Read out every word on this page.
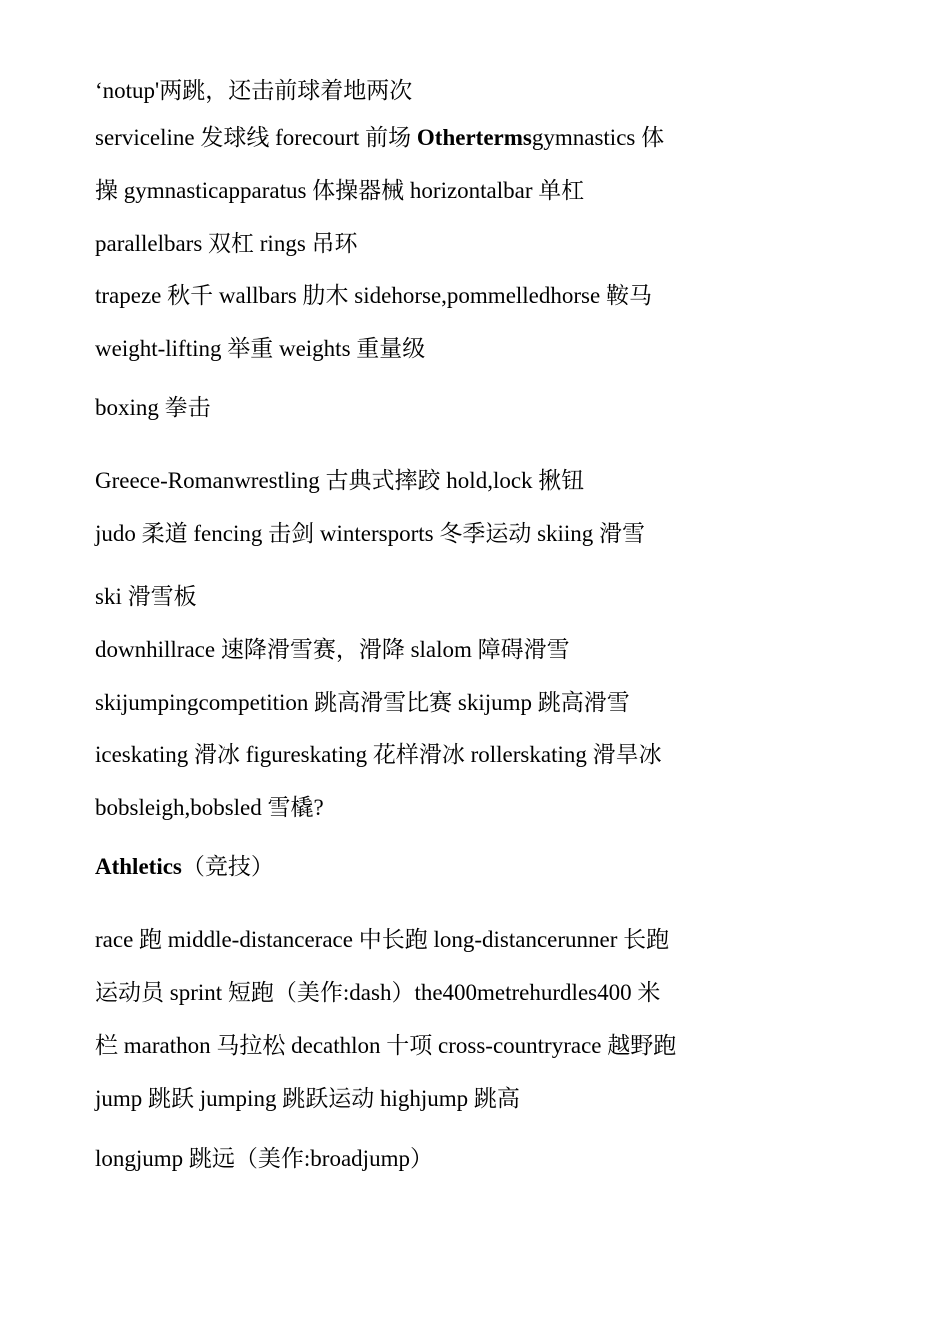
‘notup'两跳，还击前球着地两次
serviceline 发球线 forecourt 前场 Othertermsgymnastics 体
操 gymnasticapparatus 体操器械 horizontalbar 单杠
parallelbars 双杠 rings 吊环
trapeze 秋千 wallbars 肋木 sidehorse,pommelledhorse 鞍马
weight-lifting 举重 weights 重量级
boxing 拳击
Greece-Romanwrestling 古典式摔跤 hold,lock 揪钮
judo 柔道 fencing 击剑 wintersports 冬季运动 skiing 滑雪
ski 滑雪板
downhillrace 速降滑雪赛，滑降 slalom 障碍滑雪
skijumpingcompetition 跳高滑雪比赛 skijump 跳高滑雪
iceskating 滑冰 figureskating 花样滑冰 rollerskating 滑旱冰
bobsleigh,bobsled 雪橇?
Athletics（竞技）
race 跑 middle-distancerace 中长跑 long-distancerunner 长跑
运动员 sprint 短跑（美作:dash）the400metrehurdles400 米
栏 marathon 马拉松 decathlon 十项 cross-countryrace 越野跑
jump 跳跃 jumping 跳跃运动 highjump 跳高
longjump 跳远（美作:broadjump）
